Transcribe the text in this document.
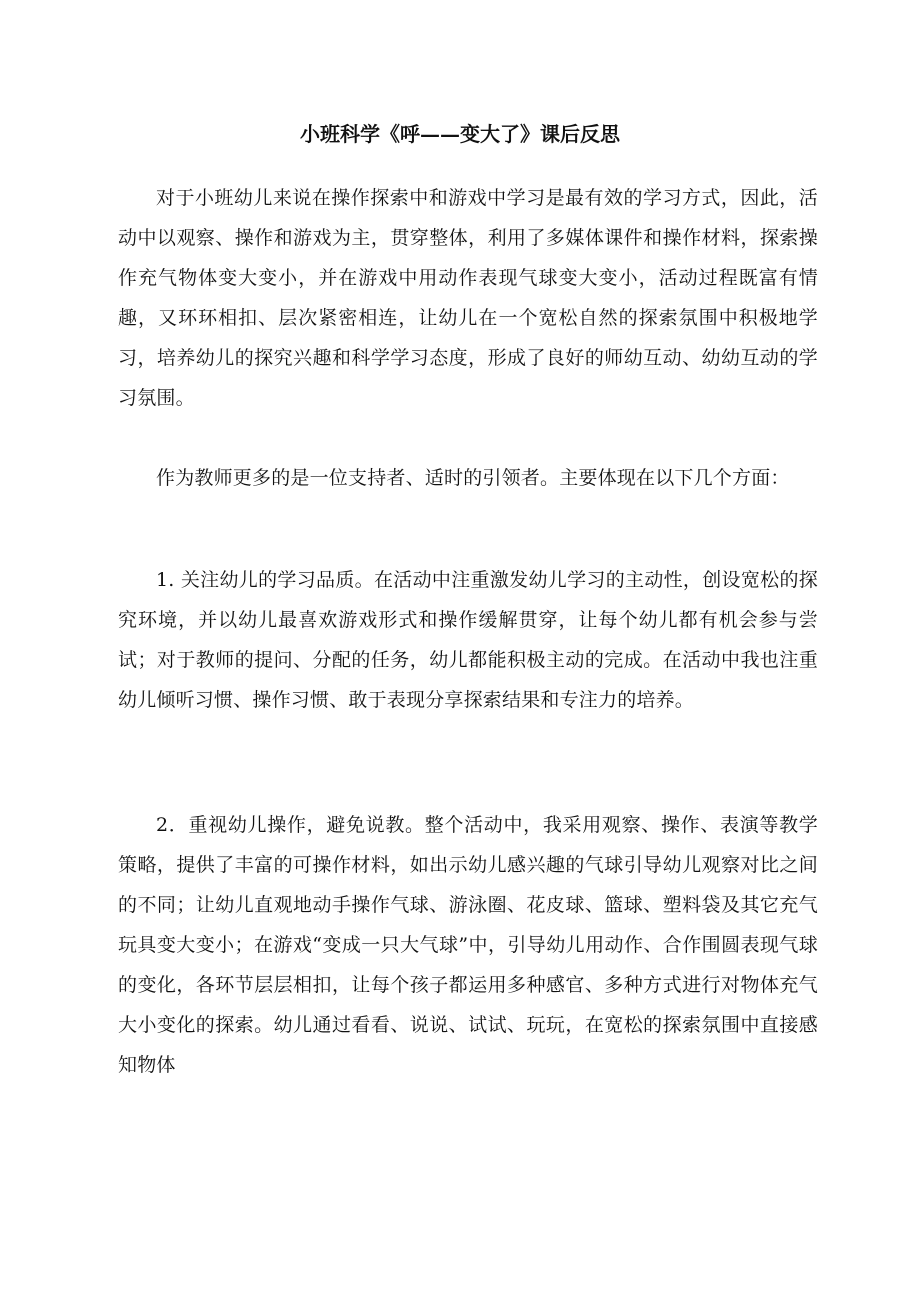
小班科学《呼——变大了》课后反思

对于小班幼儿来说在操作探索中和游戏中学习是最有效的学习方式，因此，活动中以观察、操作和游戏为主，贯穿整体，利用了多媒体课件和操作材料，探索操作充气物体变大变小，并在游戏中用动作表现气球变大变小，活动过程既富有情趣，又环环相扣、层次紧密相连，让幼儿在一个宽松自然的探索氛围中积极地学习，培养幼儿的探究兴趣和科学学习态度，形成了良好的师幼互动、幼幼互动的学习氛围。

作为教师更多的是一位支持者、适时的引领者。主要体现在以下几个方面：

1. 关注幼儿的学习品质。在活动中注重激发幼儿学习的主动性，创设宽松的探究环境，并以幼儿最喜欢游戏形式和操作缓解贯穿，让每个幼儿都有机会参与尝试；对于教师的提问、分配的任务，幼儿都能积极主动的完成。在活动中我也注重幼儿倾听习惯、操作习惯、敢于表现分享探索结果和专注力的培养。

2．重视幼儿操作，避免说教。整个活动中，我采用观察、操作、表演等教学策略，提供了丰富的可操作材料，如出示幼儿感兴趣的气球引导幼儿观察对比之间的不同；让幼儿直观地动手操作气球、游泳圈、花皮球、篮球、塑料袋及其它充气玩具变大变小；在游戏“变成一只大气球”中，引导幼儿用动作、合作围圆表现气球的变化，各环节层层相扣，让每个孩子都运用多种感官、多种方式进行对物体充气大小变化的探索。幼儿通过看看、说说、试试、玩玩，在宽松的探索氛围中直接感知物体
